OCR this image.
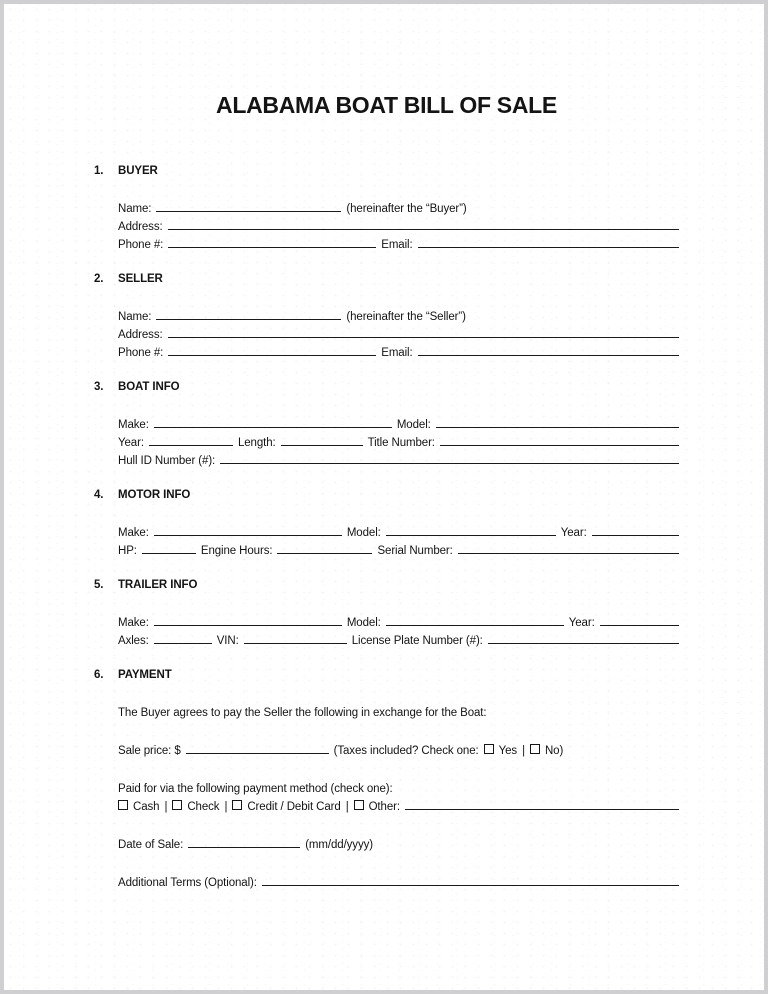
ALABAMA BOAT BILL OF SALE
1.	BUYER
Name:	(hereinafter the “Buyer”)
Address:
Phone #:	Email:
2.	SELLER
Name:	(hereinafter the “Seller”)
Address:
Phone #:	Email:
3.	BOAT INFO
Make:	Model:
Year:	Length:	Title Number:
Hull ID Number (#):
4.	MOTOR INFO
Make:	Model:	Year:
HP:	Engine Hours:	Serial Number:
5.	TRAILER INFO
Make:	Model:	Year:
Axles:	VIN:	License Plate Number (#):
6.	PAYMENT
The Buyer agrees to pay the Seller the following in exchange for the Boat:
Sale price: $	(Taxes included? Check one: Yes | No)
Paid for via the following payment method (check one):
Cash | Check | Credit / Debit Card | Other:
Date of Sale:	(mm/dd/yyyy)
Additional Terms (Optional):
